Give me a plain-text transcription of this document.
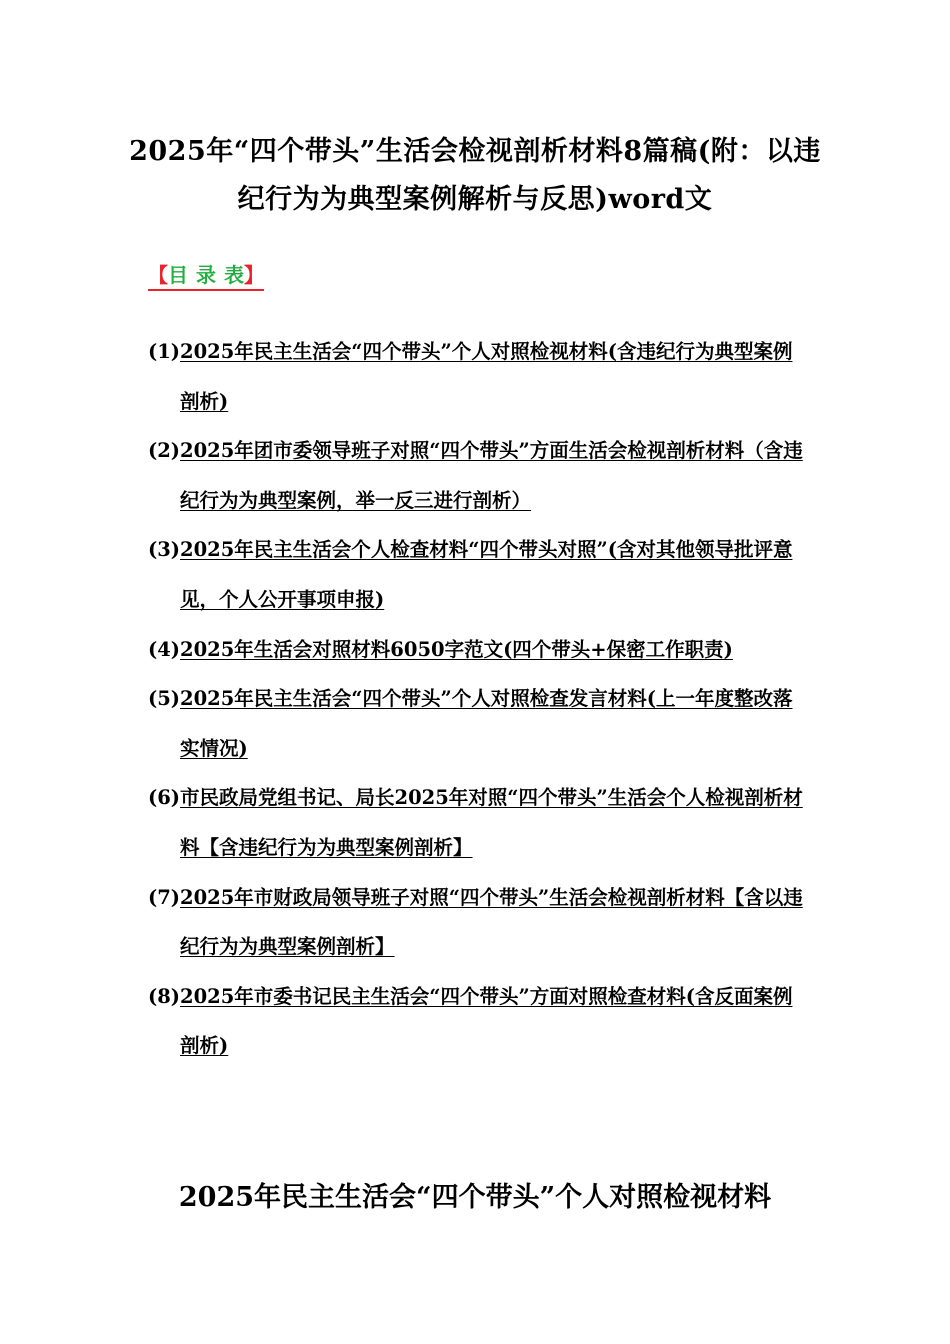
2025年“四个带头”生活会检视剖析材料8篇稿(附：以违纪行为为典型案例解析与反思)word文
【目录表】
(1) 2025年民主生活会“四个带头”个人对照检视材料(含违纪行为典型案例剖析)
(2) 2025年团市委领导班子对照“四个带头”方面生活会检视剖析材料（含违纪行为为典型案例，举一反三进行剖析）
(3) 2025年民主生活会个人检查材料“四个带头对照”(含对其他领导批评意见，个人公开事项申报)
(4) 2025年生活会对照材料6050字范文(四个带头+保密工作职责)
(5) 2025年民主生活会“四个带头”个人对照检查发言材料(上一年度整改落实情况)
(6) 市民政局党组书记、局长2025年对照“四个带头”生活会个人检视剖析材料【含违纪行为为典型案例剖析】
(7) 2025年市财政局领导班子对照“四个带头”生活会检视剖析材料【含以违纪行为为典型案例剖析】
(8) 2025年市委书记民主生活会“四个带头”方面对照检查材料(含反面案例剖析)
2025年民主生活会“四个带头”个人对照检视材料
